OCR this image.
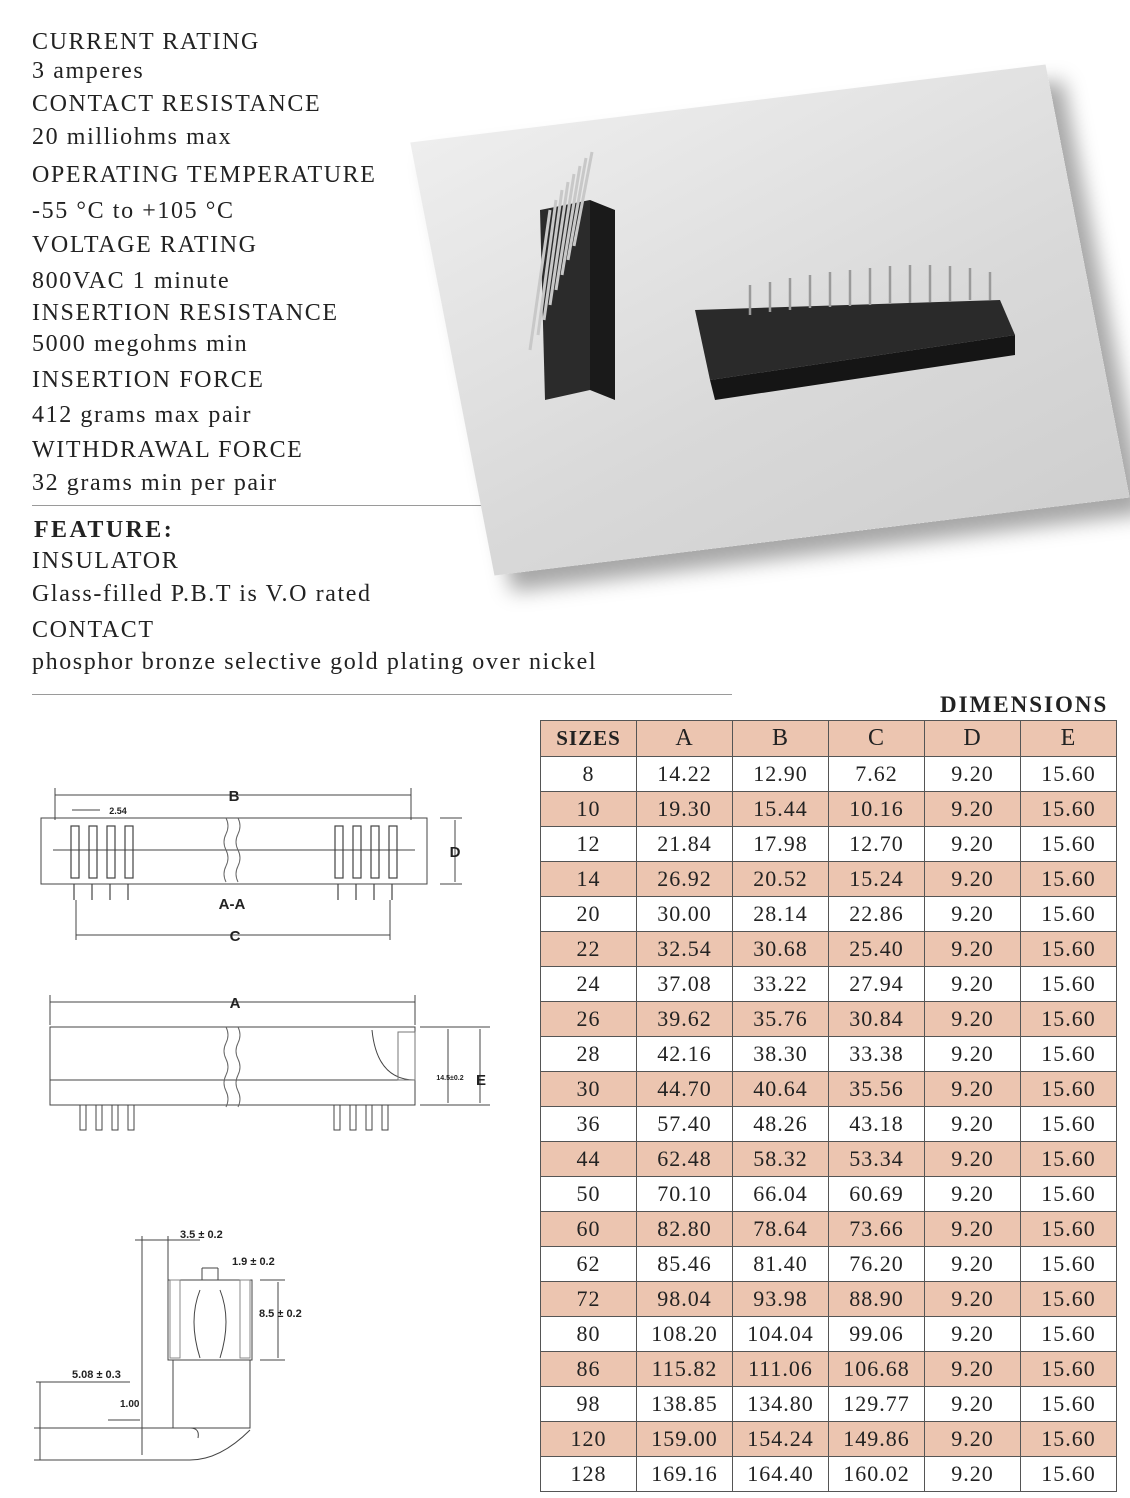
CURRENT RATING
3 amperes
CONTACT RESISTANCE
20 milliohms max
OPERATING TEMPERATURE
-55 °C to +105 °C
VOLTAGE RATING
800VAC 1 minute
INSERTION RESISTANCE
5000 megohms min
INSERTION FORCE
412 grams max pair
WITHDRAWAL FORCE
32 grams min per pair
FEATURE:
INSULATOR
Glass-filled P.B.T is V.O rated
CONTACT
phosphor bronze selective gold plating over nickel
B
2.54
D
A-A
C
A
14.5±0.2 E
3.5 ± 0.2
1.9 ± 0.2
8.5 ± 0.2
5.08 ± 0.3
1.00
DIMENSIONS
SIZES	A	B	C	D	E
8	14.22	12.90	7.62	9.20	15.60
10	19.30	15.44	10.16	9.20	15.60
12	21.84	17.98	12.70	9.20	15.60
14	26.92	20.52	15.24	9.20	15.60
20	30.00	28.14	22.86	9.20	15.60
22	32.54	30.68	25.40	9.20	15.60
24	37.08	33.22	27.94	9.20	15.60
26	39.62	35.76	30.84	9.20	15.60
28	42.16	38.30	33.38	9.20	15.60
30	44.70	40.64	35.56	9.20	15.60
36	57.40	48.26	43.18	9.20	15.60
44	62.48	58.32	53.34	9.20	15.60
50	70.10	66.04	60.69	9.20	15.60
60	82.80	78.64	73.66	9.20	15.60
62	85.46	81.40	76.20	9.20	15.60
72	98.04	93.98	88.90	9.20	15.60
80	108.20	104.04	99.06	9.20	15.60
86	115.82	111.06	106.68	9.20	15.60
98	138.85	134.80	129.77	9.20	15.60
120	159.00	154.24	149.86	9.20	15.60
128	169.16	164.40	160.02	9.20	15.60
